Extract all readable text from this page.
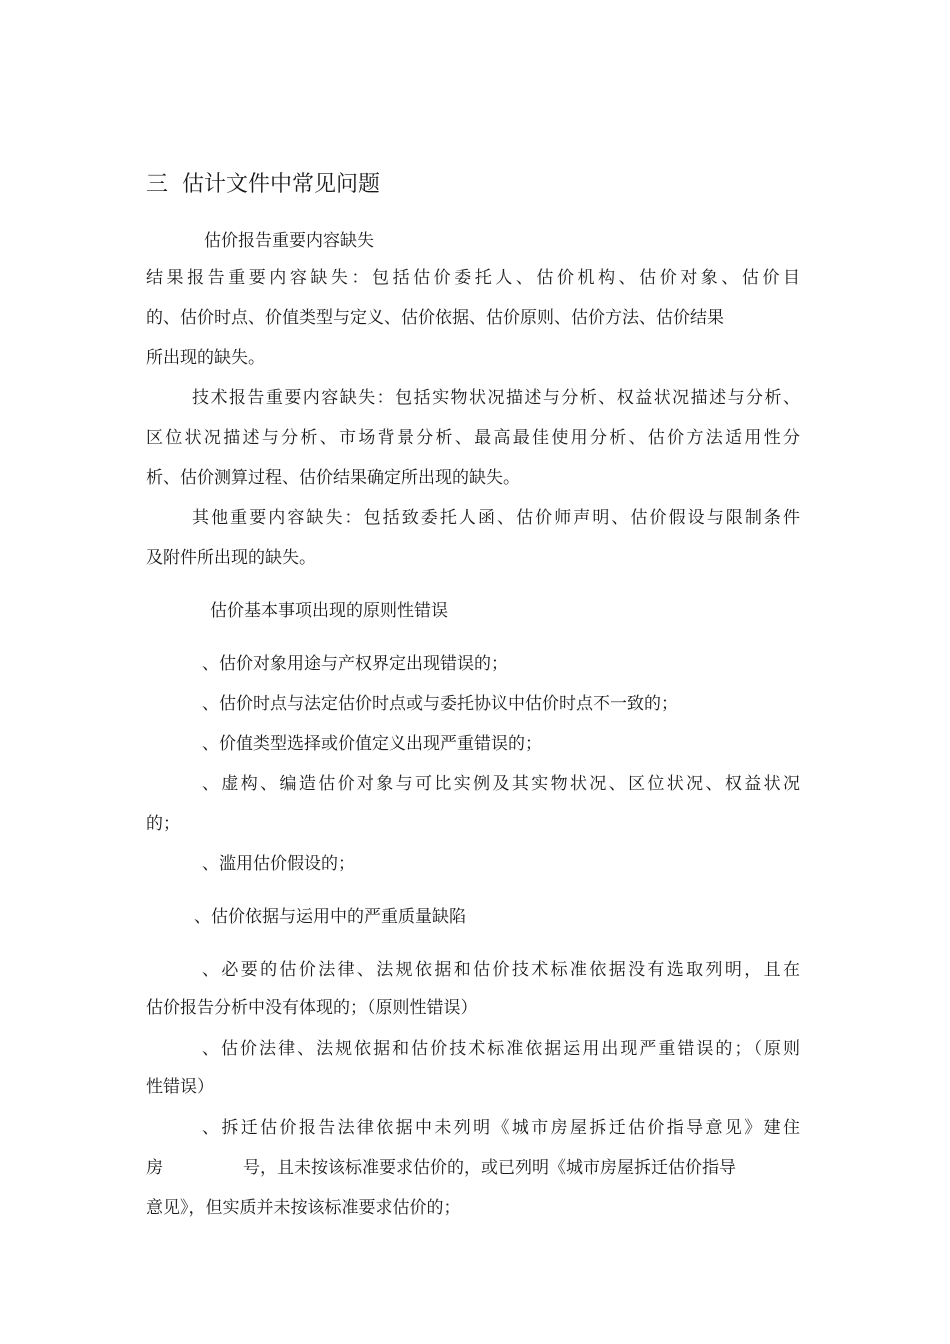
三 估计文件中常见问题

估价报告重要内容缺失

结果报告重要内容缺失：包括估价委托人、估价机构、估价对象、估价目

的、估价时点、价值类型与定义、估价依据、估价原则、估价方法、估价结果

所出现的缺失。

技术报告重要内容缺失：包括实物状况描述与分析、权益状况描述与分析、

区位状况描述与分析、市场背景分析、最高最佳使用分析、估价方法适用性分

析、估价测算过程、估价结果确定所出现的缺失。

其他重要内容缺失：包括致委托人函、估价师声明、估价假设与限制条件

及附件所出现的缺失。

估价基本事项出现的原则性错误

、估价对象用途与产权界定出现错误的；

、估价时点与法定估价时点或与委托协议中估价时点不一致的；

、价值类型选择或价值定义出现严重错误的；

、虚构、编造估价对象与可比实例及其实物状况、区位状况、权益状况

的；

、滥用估价假设的；

、估价依据与运用中的严重质量缺陷

、必要的估价法律、法规依据和估价技术标准依据没有选取列明，且在

估价报告分析中没有体现的；（原则性错误）

、估价法律、法规依据和估价技术标准依据运用出现严重错误的；（原则

性错误）

、拆迁估价报告法律依据中未列明《城市房屋拆迁估价指导意见》建住

房	号，且未按该标准要求估价的，或已列明《城市房屋拆迁估价指导

意见》，但实质并未按该标准要求估价的；
